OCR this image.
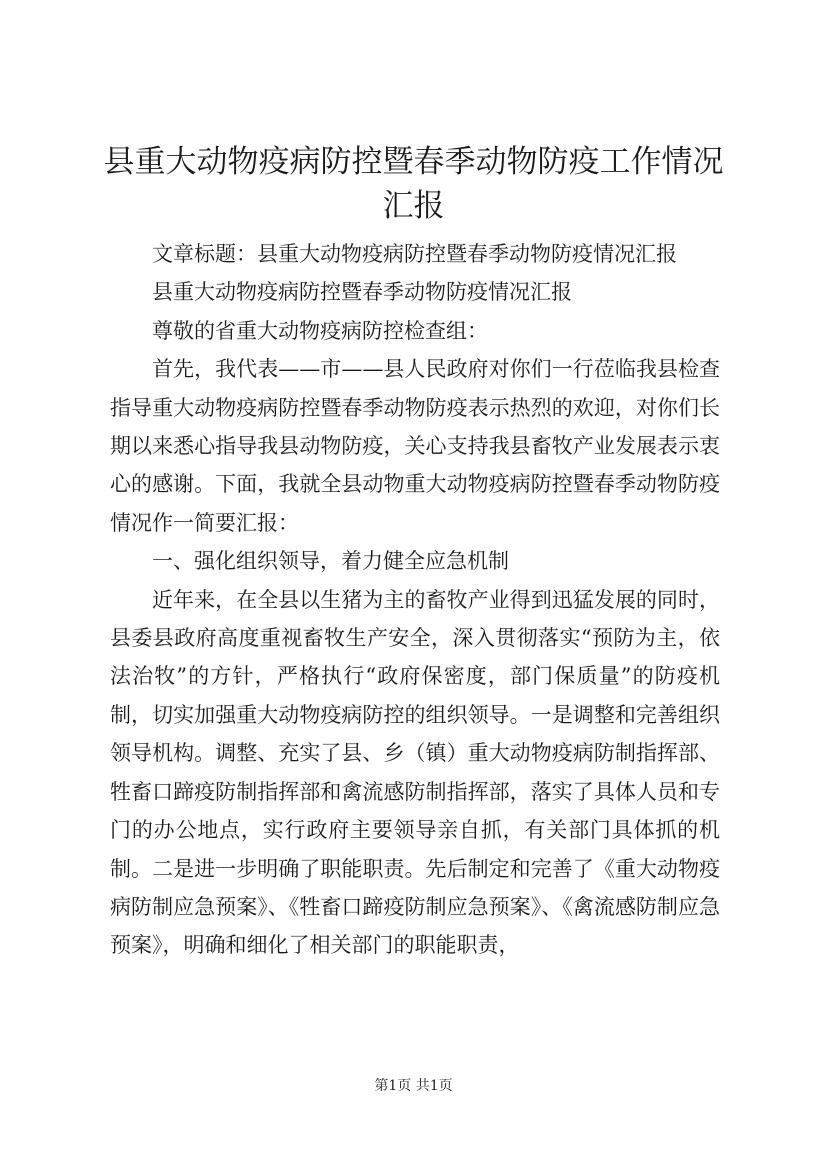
县重大动物疫病防控暨春季动物防疫工作情况汇报

文章标题：县重大动物疫病防控暨春季动物防疫情况汇报

县重大动物疫病防控暨春季动物防疫情况汇报

尊敬的省重大动物疫病防控检查组：

首先，我代表——市——县人民政府对你们一行莅临我县检查指导重大动物疫病防控暨春季动物防疫表示热烈的欢迎，对你们长期以来悉心指导我县动物防疫，关心支持我县畜牧产业发展表示衷心的感谢。下面，我就全县动物重大动物疫病防控暨春季动物防疫情况作一简要汇报：

一、强化组织领导，着力健全应急机制

近年来，在全县以生猪为主的畜牧产业得到迅猛发展的同时，县委县政府高度重视畜牧生产安全，深入贯彻落实“预防为主，依法治牧”的方针，严格执行“政府保密度，部门保质量”的防疫机制，切实加强重大动物疫病防控的组织领导。一是调整和完善组织领导机构。调整、充实了县、乡（镇）重大动物疫病防制指挥部、牲畜口蹄疫防制指挥部和禽流感防制指挥部，落实了具体人员和专门的办公地点，实行政府主要领导亲自抓，有关部门具体抓的机制。二是进一步明确了职能职责。先后制定和完善了《重大动物疫病防制应急预案》、《牲畜口蹄疫防制应急预案》、《禽流感防制应急预案》，明确和细化了相关部门的职能职责，

第1页 共1页
